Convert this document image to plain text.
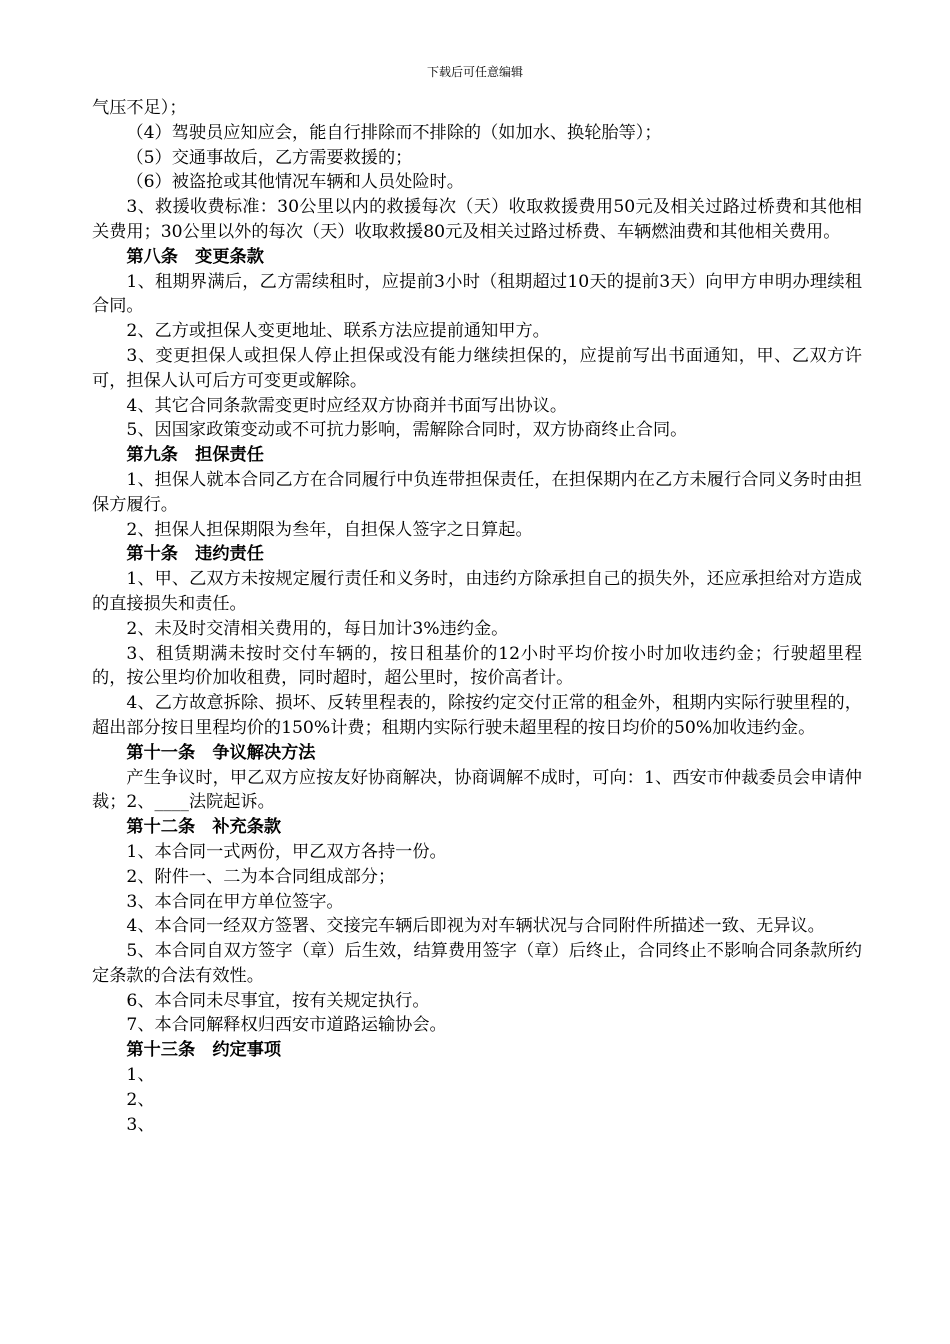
下载后可任意编辑

气压不足）；

（4）驾驶员应知应会，能自行排除而不排除的（如加水、换轮胎等）；

（5）交通事故后，乙方需要救援的；

（6）被盗抢或其他情况车辆和人员处险时。

3、救援收费标准：30公里以内的救援每次（天）收取救援费用50元及相关过路过桥费和其他相关费用；30公里以外的每次（天）收取救援80元及相关过路过桥费、车辆燃油费和其他相关费用。

第八条　变更条款

1、租期界满后，乙方需续租时，应提前3小时（租期超过10天的提前3天）向甲方申明办理续租合同。

2、乙方或担保人变更地址、联系方法应提前通知甲方。

3、变更担保人或担保人停止担保或没有能力继续担保的，应提前写出书面通知，甲、乙双方许可，担保人认可后方可变更或解除。

4、其它合同条款需变更时应经双方协商并书面写出协议。

5、因国家政策变动或不可抗力影响，需解除合同时，双方协商终止合同。

第九条　担保责任

1、担保人就本合同乙方在合同履行中负连带担保责任，在担保期内在乙方未履行合同义务时由担保方履行。

2、担保人担保期限为叁年，自担保人签字之日算起。

第十条　违约责任

1、甲、乙双方未按规定履行责任和义务时，由违约方除承担自己的损失外，还应承担给对方造成的直接损失和责任。

2、未及时交清相关费用的，每日加计3%违约金。

3、租赁期满未按时交付车辆的，按日租基价的12小时平均价按小时加收违约金；行驶超里程的，按公里均价加收租费，同时超时，超公里时，按价高者计。

4、乙方故意拆除、损坏、反转里程表的，除按约定交付正常的租金外，租期内实际行驶里程的，超出部分按日里程均价的150%计费；租期内实际行驶未超里程的按日均价的50%加收违约金。

第十一条　争议解决方法

产生争议时，甲乙双方应按友好协商解决，协商调解不成时，可向：1、西安市仲裁委员会申请仲裁；2、____法院起诉。

第十二条　补充条款

1、本合同一式两份，甲乙双方各持一份。

2、附件一、二为本合同组成部分；

3、本合同在甲方单位签字。

4、本合同一经双方签署、交接完车辆后即视为对车辆状况与合同附件所描述一致、无异议。

5、本合同自双方签字（章）后生效，结算费用签字（章）后终止，合同终止不影响合同条款所约定条款的合法有效性。

6、本合同未尽事宜，按有关规定执行。

7、本合同解释权归西安市道路运输协会。

第十三条　约定事项

1、

2、

3、
